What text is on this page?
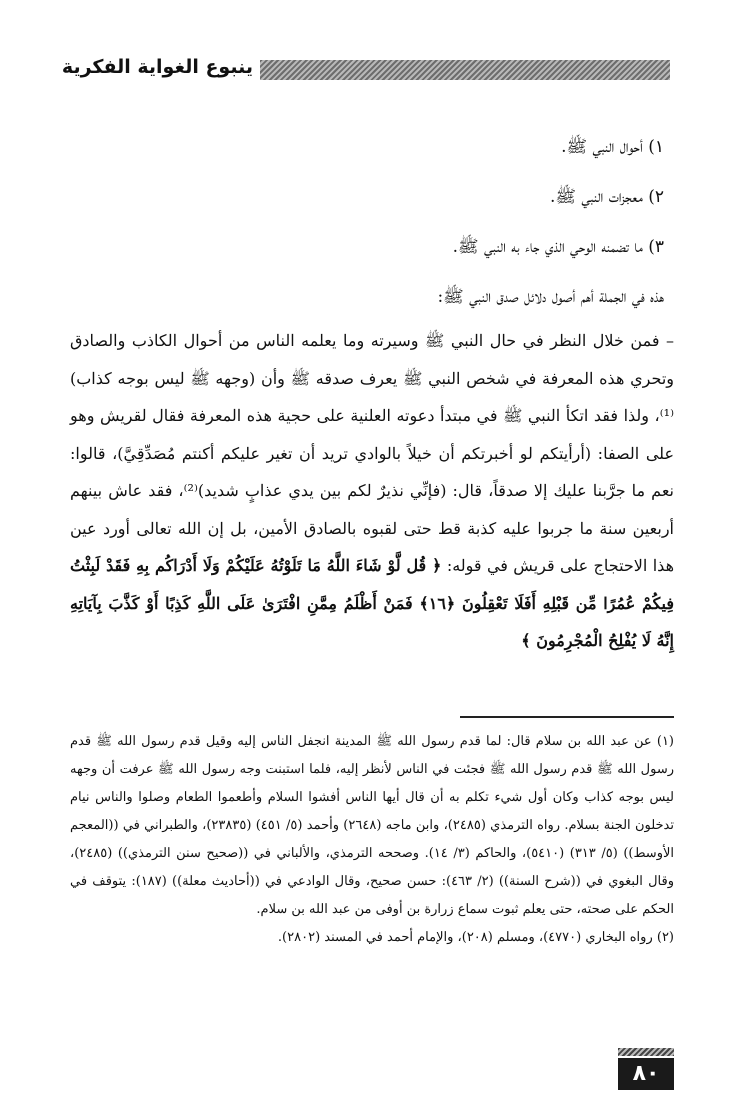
ينبوع الغواية الفكرية
١) أحوال النبي ﷺ.
٢) معجزات النبي ﷺ.
٣) ما تضمنه الوحي الذي جاء به النبي ﷺ.
هذه في الجملة أهم أصول دلائل صدق النبي ﷺ:

– فمن خلال النظر في حال النبي ﷺ وسيرته وما يعلمه الناس من أحوال الكاذب والصادق وتحري هذه المعرفة في شخص النبي ﷺ يعرف صدقه ﷺ وأن (وجهه ﷺ ليس بوجه كذاب)⁽¹⁾، ولذا فقد اتكأ النبي ﷺ في مبتدأ دعوته العلنية على حجية هذه المعرفة فقال لقريش وهو على الصفا: (أرأيتكم لو أخبرتكم أن خيلاً بالوادي تريد أن تغير عليكم أكنتم مُصَدِّقِيَّ)، قالوا: نعم ما جرَّبنا عليك إلا صدقاً، قال: (فإنِّي نذيرٌ لكم بين يدي عذابٍ شديد)⁽²⁾، فقد عاش بينهم أربعين سنة ما جربوا عليه كذبة قط حتى لقبوه بالصادق الأمين، بل إن الله تعالى أورد عين هذا الاحتجاج على قريش في قوله: ﴿ قُل لَّوْ شَاءَ اللَّهُ مَا تَلَوْتُهُ عَلَيْكُمْ وَلَا أَدْرَاكُم بِهِ فَقَدْ لَبِثْتُ فِيكُمْ عُمُرًا مِّن قَبْلِهِ أَفَلَا تَعْقِلُونَ ﴿١٦﴾ فَمَنْ أَظْلَمُ مِمَّنِ افْتَرَىٰ عَلَى اللَّهِ كَذِبًا أَوْ كَذَّبَ بِآيَاتِهِ إِنَّهُ لَا يُفْلِحُ الْمُجْرِمُونَ ﴾

(١) عن عبد الله بن سلام قال: لما قدم رسول الله ﷺ المدينة انجفل الناس إليه وقيل قدم رسول الله ﷺ قدم رسول الله ﷺ قدم رسول الله ﷺ فجئت في الناس لأنظر إليه، فلما استبنت وجه رسول الله ﷺ عرفت أن وجهه ليس بوجه كذاب وكان أول شيء تكلم به أن قال أيها الناس أفشوا السلام وأطعموا الطعام وصلوا والناس نيام تدخلون الجنة بسلام. رواه الترمذي (٢٤٨٥)، وابن ماجه (٢٦٤٨) وأحمد (٥/ ٤٥١) (٢٣٨٣٥)، والطبراني في ((المعجم الأوسط)) (٥/ ٣١٣) (٥٤١٠)، والحاكم (٣/ ١٤). وصححه الترمذي، والألباني في ((صحيح سنن الترمذي)) (٢٤٨٥)، وقال البغوي في ((شرح السنة)) (٢/ ٤٦٣): حسن صحيح، وقال الوادعي في ((أحاديث معلة)) (١٨٧): يتوقف في الحكم على صحته، حتى يعلم ثبوت سماع زرارة بن أوفى من عبد الله بن سلام.

(٢) رواه البخاري (٤٧٧٠)، ومسلم (٢٠٨)، والإمام أحمد في المسند (٢٨٠٢).

٨٠
